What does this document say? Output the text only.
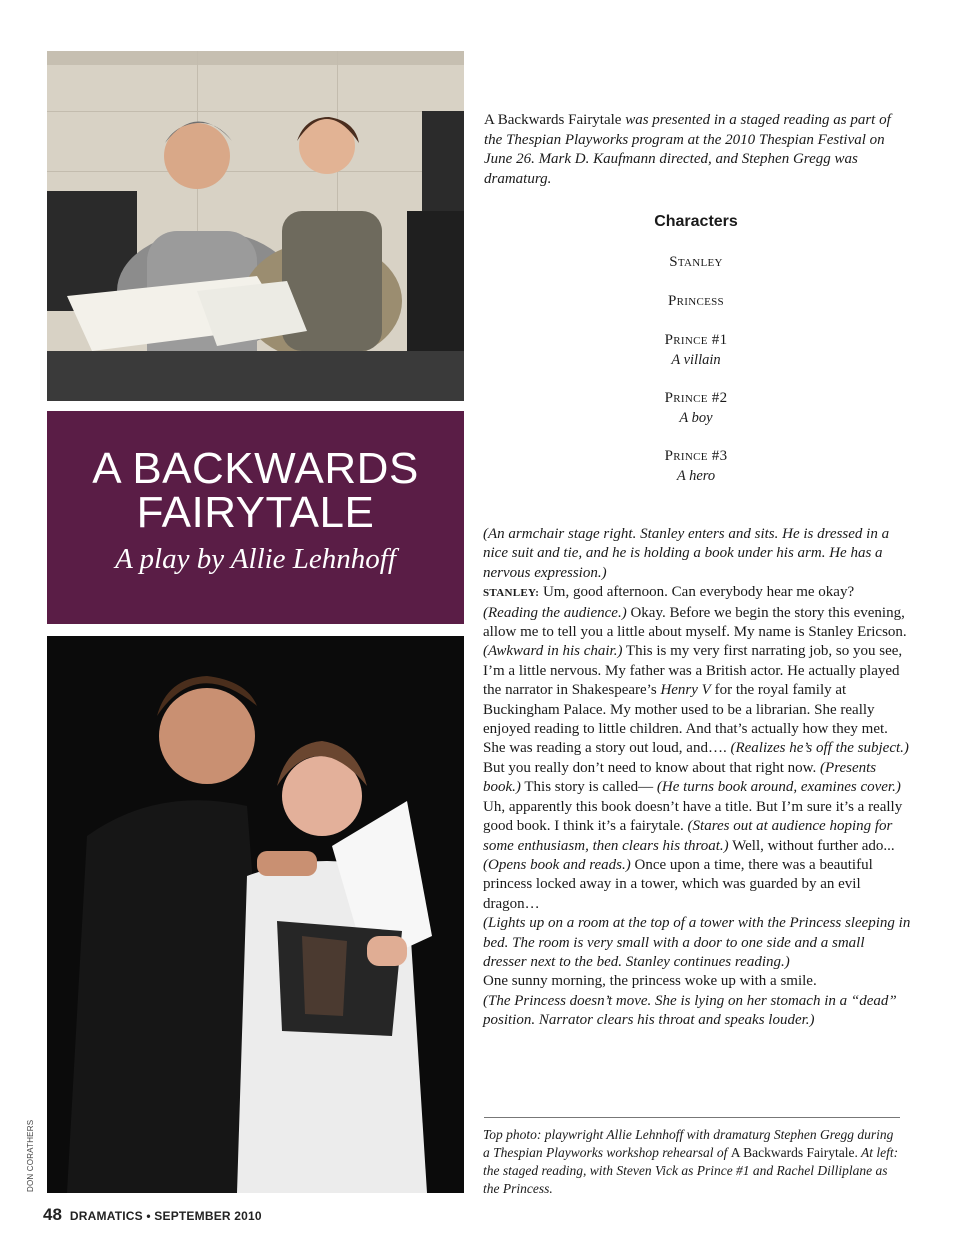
A BACKWARDS
FAIRYTALE
A play by Allie Lehnhoff
A Backwards Fairytale was presented in a staged reading as part of the Thespian Playworks program at the 2010 Thespian Festival on June 26. Mark D. Kaufmann directed, and Stephen Gregg was dramaturg.
Characters
Stanley
Princess
Prince #1
A villain
Prince #2
A boy
Prince #3
A hero

(An armchair stage right. Stanley enters and sits. He is dressed in a nice suit and tie, and he is holding a book under his arm. He has a nervous expression.)

STANLEY: Um, good afternoon. Can everybody hear me okay? (Reading the audience.) Okay. Before we begin the story this evening, allow me to tell you a little about myself. My name is Stanley Ericson. (Awkward in his chair.) This is my very first narrating job, so you see, I’m a little nervous. My father was a British actor. He actually played the narrator in Shakespeare’s Henry V for the royal family at Buckingham Palace. My mother used to be a librarian. She really enjoyed reading to little children. And that’s actually how they met. She was reading a story out loud, and…. (Realizes he’s off the subject.) But you really don’t need to know about that right now. (Presents book.) This story is called— (He turns book around, examines cover.) Uh, apparently this book doesn’t have a title. But I’m sure it’s a really good book. I think it’s a fairytale. (Stares out at audience hoping for some enthusiasm, then clears his throat.) Well, without further ado... (Opens book and reads.) Once upon a time, there was a beautiful princess locked away in a tower, which was guarded by an evil dragon…

(Lights up on a room at the top of a tower with the Princess sleeping in bed. The room is very small with a door to one side and a small dresser next to the bed. Stanley continues reading.)

One sunny morning, the princess woke up with a smile.

(The Princess doesn’t move. She is lying on her stomach in a “dead” position. Narrator clears his throat and speaks louder.)

Top photo: playwright Allie Lehnhoff with dramaturg Stephen Gregg during a Thespian Playworks workshop rehearsal of A Backwards Fairytale. At left: the staged reading, with Steven Vick as Prince #1 and Rachel Dilliplane as the Princess.
DON CORATHERS
48 DRAMATICS • SEPTEMBER 2010
